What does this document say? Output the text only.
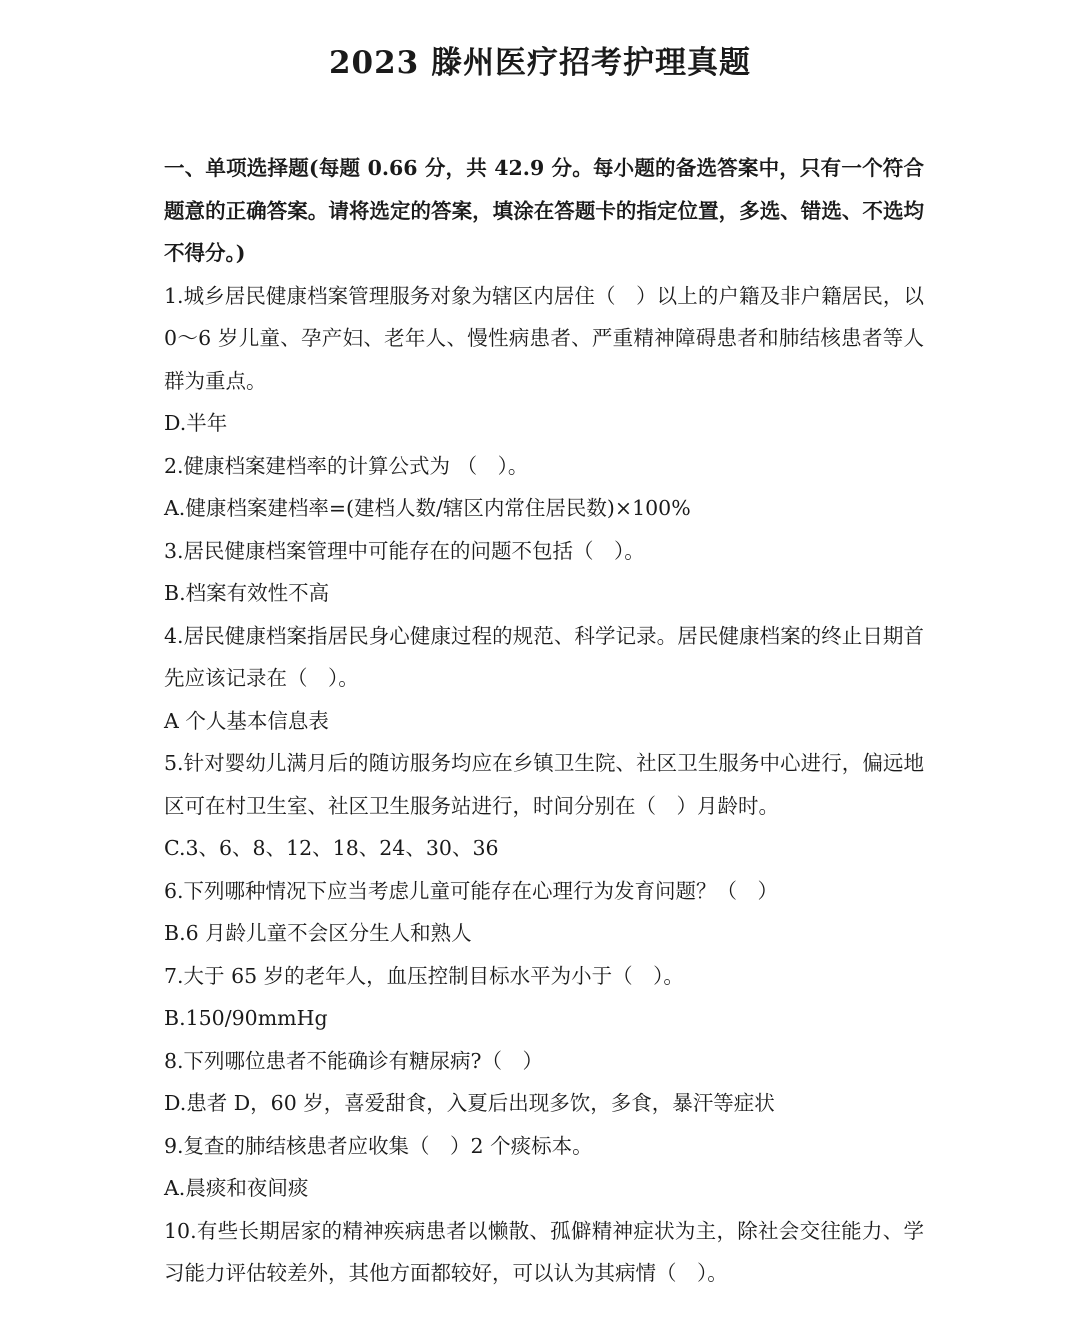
2023 滕州医疗招考护理真题

一、单项选择题(每题 0.66 分，共 42.9 分。每小题的备选答案中，只有一个符合题意的正确答案。请将选定的答案，填涂在答题卡的指定位置，多选、错选、不选均不得分。)

1.城乡居民健康档案管理服务对象为辖区内居住（　）以上的户籍及非户籍居民，以 0～6 岁儿童、孕产妇、老年人、慢性病患者、严重精神障碍患者和肺结核患者等人群为重点。

D.半年

2.健康档案建档率的计算公式为 （　）。

A.健康档案建档率=(建档人数/辖区内常住居民数)×100%

3.居民健康档案管理中可能存在的问题不包括（　）。

B.档案有效性不高

4.居民健康档案指居民身心健康过程的规范、科学记录。居民健康档案的终止日期首先应该记录在（　）。

A 个人基本信息表

5.针对婴幼儿满月后的随访服务均应在乡镇卫生院、社区卫生服务中心进行，偏远地区可在村卫生室、社区卫生服务站进行，时间分别在（　）月龄时。

C.3、6、8、12、18、24、30、36

6.下列哪种情况下应当考虑儿童可能存在心理行为发育问题？（　）

B.6 月龄儿童不会区分生人和熟人

7.大于 65 岁的老年人，血压控制目标水平为小于（　）。

B.150/90mmHg

8.下列哪位患者不能确诊有糖尿病?（　）

D.患者 D，60 岁，喜爱甜食，入夏后出现多饮，多食，暴汗等症状

9.复查的肺结核患者应收集（　）2 个痰标本。

A.晨痰和夜间痰

10.有些长期居家的精神疾病患者以懒散、孤僻精神症状为主，除社会交往能力、学习能力评估较差外，其他方面都较好，可以认为其病情（　）。
